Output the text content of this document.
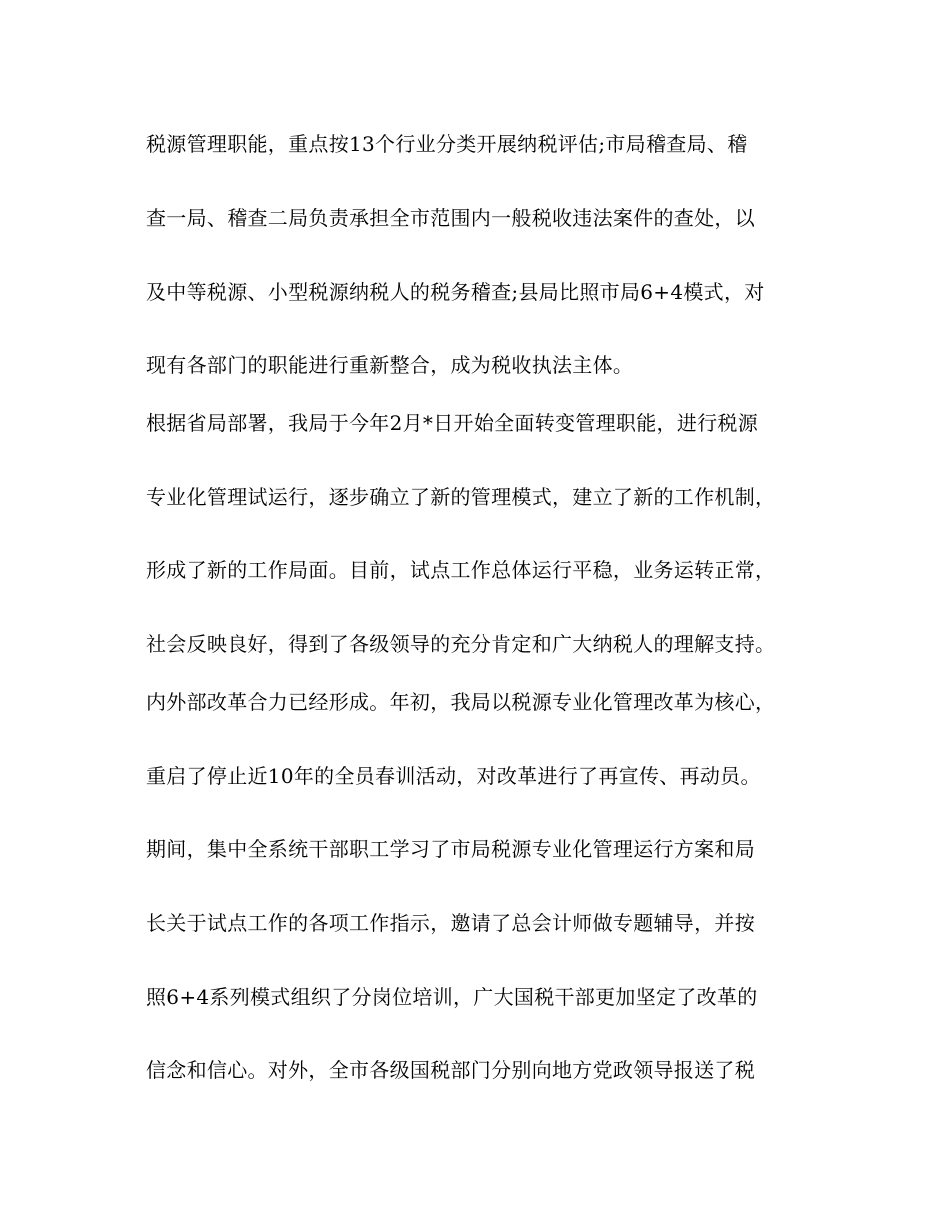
税源管理职能，重点按13个行业分类开展纳税评估;市局稽查局、稽
查一局、稽查二局负责承担全市范围内一般税收违法案件的查处，以
及中等税源、小型税源纳税人的税务稽查;县局比照市局6+4模式，对
现有各部门的职能进行重新整合，成为税收执法主体。
根据省局部署，我局于今年2月*日开始全面转变管理职能，进行税源
专业化管理试运行，逐步确立了新的管理模式，建立了新的工作机制，
形成了新的工作局面。目前，试点工作总体运行平稳，业务运转正常，
社会反映良好，得到了各级领导的充分肯定和广大纳税人的理解支持。
内外部改革合力已经形成。年初，我局以税源专业化管理改革为核心，
重启了停止近10年的全员春训活动，对改革进行了再宣传、再动员。
期间，集中全系统干部职工学习了市局税源专业化管理运行方案和局
长关于试点工作的各项工作指示，邀请了总会计师做专题辅导，并按
照6+4系列模式组织了分岗位培训，广大国税干部更加坚定了改革的
信念和信心。对外，全市各级国税部门分别向地方党政领导报送了税
